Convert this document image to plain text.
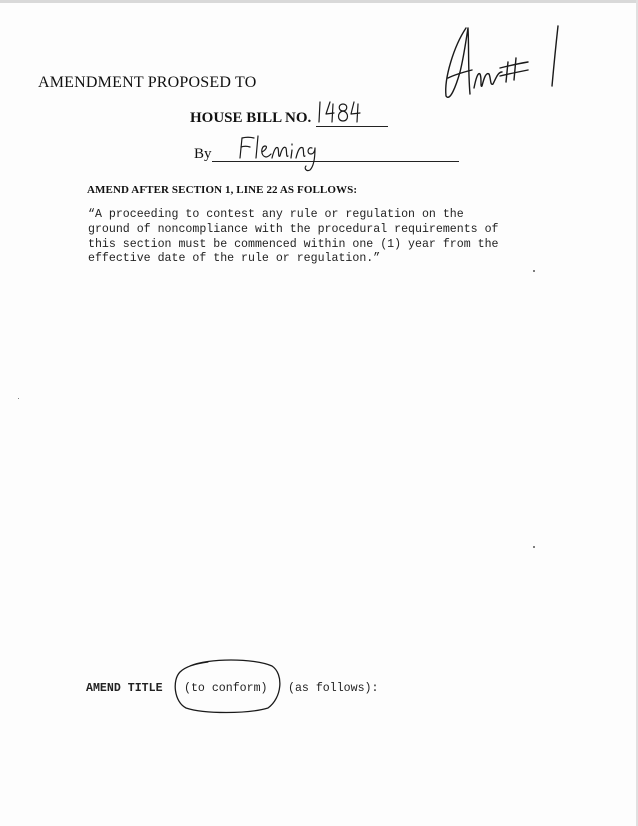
AMENDMENT PROPOSED TO
HOUSE BILL NO.
By
AMEND AFTER SECTION 1, LINE 22 AS FOLLOWS:
“A proceeding to contest any rule or regulation on the
ground of noncompliance with the procedural requirements of
this section must be commenced within one (1) year from the
effective date of the rule or regulation.”

AMEND TITLE

(to conform)

(as follows):
